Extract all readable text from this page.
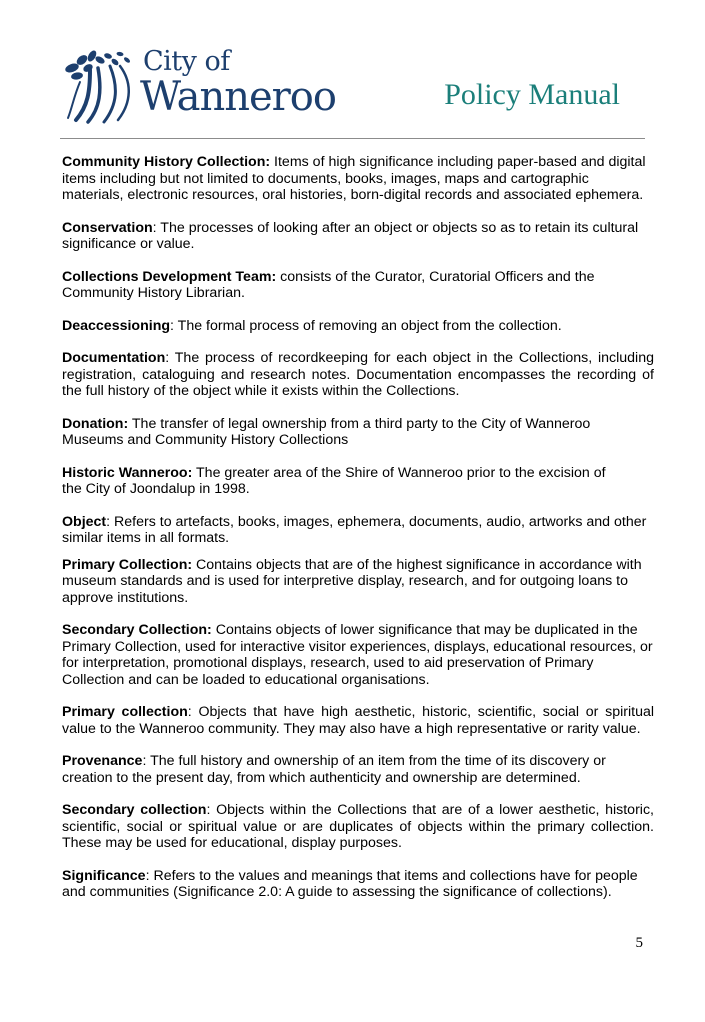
City of
Wanneroo	Policy Manual

Community History Collection: Items of high significance including paper-based and digital items including but not limited to documents, books, images, maps and cartographic materials, electronic resources, oral histories, born-digital records and associated ephemera.

Conservation: The processes of looking after an object or objects so as to retain its cultural significance or value.

Collections Development Team: consists of the Curator, Curatorial Officers and the Community History Librarian.

Deaccessioning: The formal process of removing an object from the collection.

Documentation: The process of recordkeeping for each object in the Collections, including registration, cataloguing and research notes. Documentation encompasses the recording of the full history of the object while it exists within the Collections.

Donation: The transfer of legal ownership from a third party to the City of Wanneroo Museums and Community History Collections

Historic Wanneroo: The greater area of the Shire of Wanneroo prior to the excision of the City of Joondalup in 1998.

Object: Refers to artefacts, books, images, ephemera, documents, audio, artworks and other similar items in all formats.

Primary Collection: Contains objects that are of the highest significance in accordance with museum standards and is used for interpretive display, research, and for outgoing loans to approve institutions.

Secondary Collection: Contains objects of lower significance that may be duplicated in the Primary Collection, used for interactive visitor experiences, displays, educational resources, or for interpretation, promotional displays, research, used to aid preservation of Primary Collection and can be loaded to educational organisations.

Primary collection: Objects that have high aesthetic, historic, scientific, social or spiritual value to the Wanneroo community. They may also have a high representative or rarity value.

Provenance: The full history and ownership of an item from the time of its discovery or creation to the present day, from which authenticity and ownership are determined.

Secondary collection: Objects within the Collections that are of a lower aesthetic, historic, scientific, social or spiritual value or are duplicates of objects within the primary collection. These may be used for educational, display purposes.

Significance: Refers to the values and meanings that items and collections have for people and communities (Significance 2.0: A guide to assessing the significance of collections).

5
